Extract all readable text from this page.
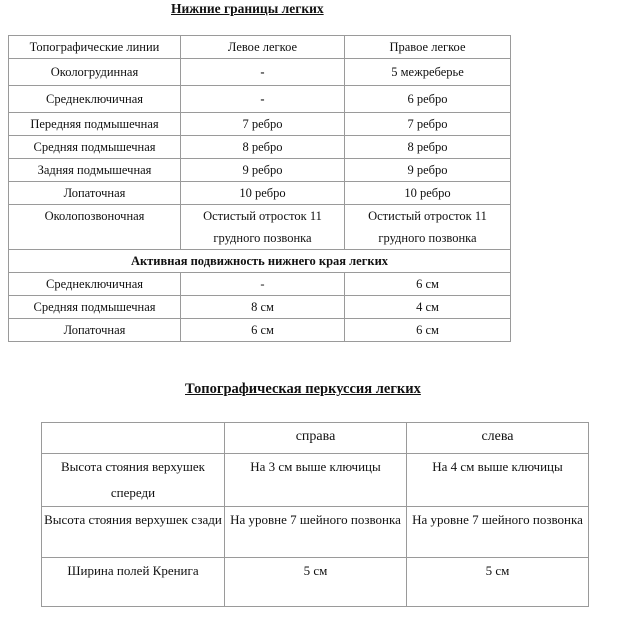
Нижние границы легких
Топографические линии	Левое легкое	Правое легкое
Окологрудинная	-	5 межреберье
Среднеключичная	-	6 ребро
Передняя подмышечная	7 ребро	7 ребро
Средняя подмышечная	8 ребро	8 ребро
Задняя подмышечная	9 ребро	9 ребро
Лопаточная	10 ребро	10 ребро
Околопозвоночная	Остистый отросток 11 грудного позвонка	Остистый отросток 11 грудного позвонка
Активная подвижность нижнего края легких		
Среднеключичная	-	6 см
Средняя подмышечная	8 см	4 см
Лопаточная	6 см	6 см
Топографическая перкуссия легких
	справа	слева
Высота стояния верхушек спереди	На 3 см выше ключицы	На 4 см выше ключицы
Высота стояния верхушек сзади	На уровне 7 шейного позвонка	На уровне 7 шейного позвонка
Ширина полей Кренига	5 см	5 см
